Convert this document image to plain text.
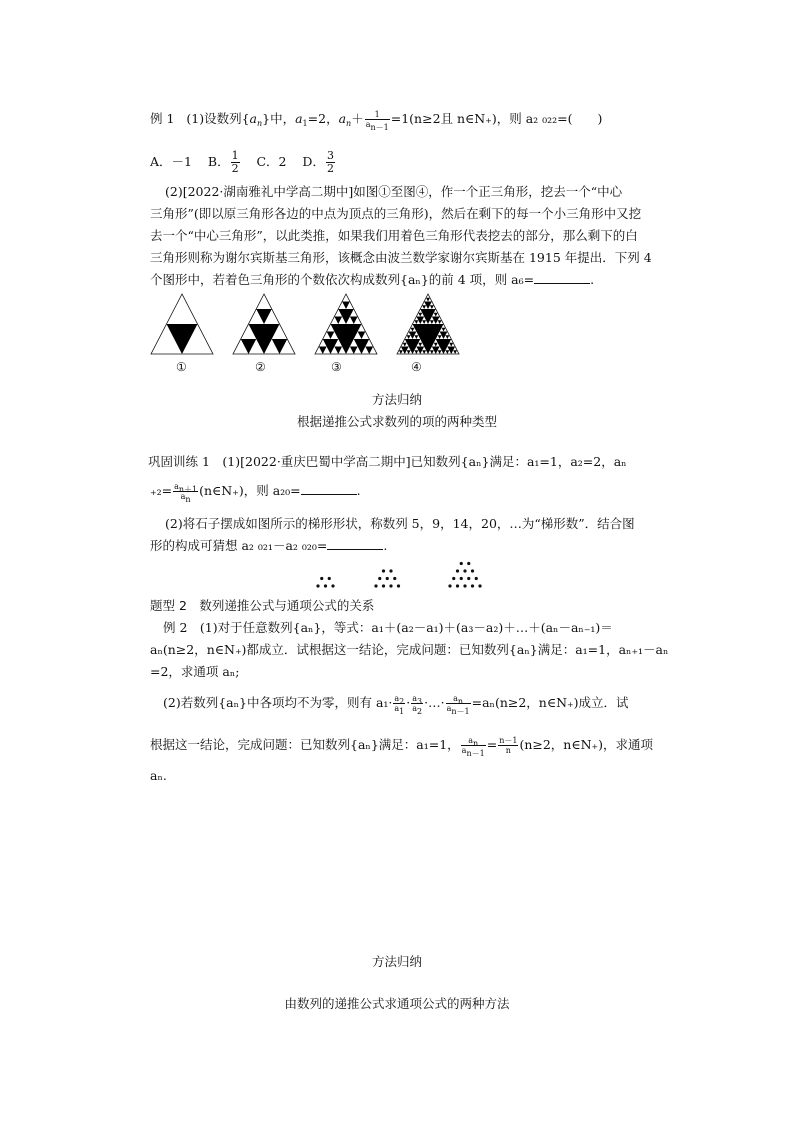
例 1 (1)设数列$\{a_n\}$中，$a_1=2$，$a_n+ \frac{1}{a_{n-1}} =1(n\ge 2$且 n∈N₊)，则 a₂ ₀₂₂=(　　)
A．－1 B． $\frac{1}{2}$ C．2 D． $\frac{3}{2}$
(2)[2022·湖南雅礼中学高二期中]如图①至图④，作一个正三角形，挖去一个“中心
三角形”(即以原三角形各边的中点为顶点的三角形)，然后在剩下的每一个小三角形中又挖
去一个“中心三角形”，以此类推，如果我们用着色三角形代表挖去的部分，那么剩下的白
三角形则称为谢尔宾斯基三角形，该概念由波兰数学家谢尔宾斯基在 1915 年提出．下列 4
个图形中，若着色三角形的个数依次构成数列{aₙ}的前 4 项，则 a₆=	.
①	②	③	④
方法归纳
根据递推公式求数列的项的两种类型
巩固训练 1　(1)[2022·重庆巴蜀中学高二期中]已知数列{aₙ}满足：a₁=1，a₂=2，aₙ
$_{+2}= \frac{a_{n+1}}{a_n}$ (n∈N₊)，则 a₂₀=	.
(2)将石子摆成如图所示的梯形形状，称数列 5，9，14，20，…为“梯形数”．结合图
形的构成可猜想 a₂ ₀₂₁－a₂ ₀₂₀=	.
题型 2　数列递推公式与通项公式的关系
例 2　(1)对于任意数列{aₙ}，等式：a₁＋(a₂－a₁)＋(a₃－a₂)＋…＋(aₙ－aₙ₋₁)＝
aₙ(n≥2，n∈N₊)都成立．试根据这一结论，完成问题：已知数列{aₙ}满足：a₁=1，aₙ₊₁－aₙ
=2，求通项 aₙ;
(2)若数列{aₙ}中各项均不为零，则有 $a_1\cdot \frac{a_2}{a_1} \cdot \frac{a_3}{a_2}$ ·…· $\frac{a_n}{a_{n-1}} =a_n(n\ge 2$，n∈N₊)成立．试
根据这一结论，完成问题：已知数列{aₙ}满足：a₁=1， $\frac{a_n}{a_{n-1}} = \frac{n-1}{n} (n\ge 2$，n∈N₊)，求通项
aₙ.
方法归纳
由数列的递推公式求通项公式的两种方法
